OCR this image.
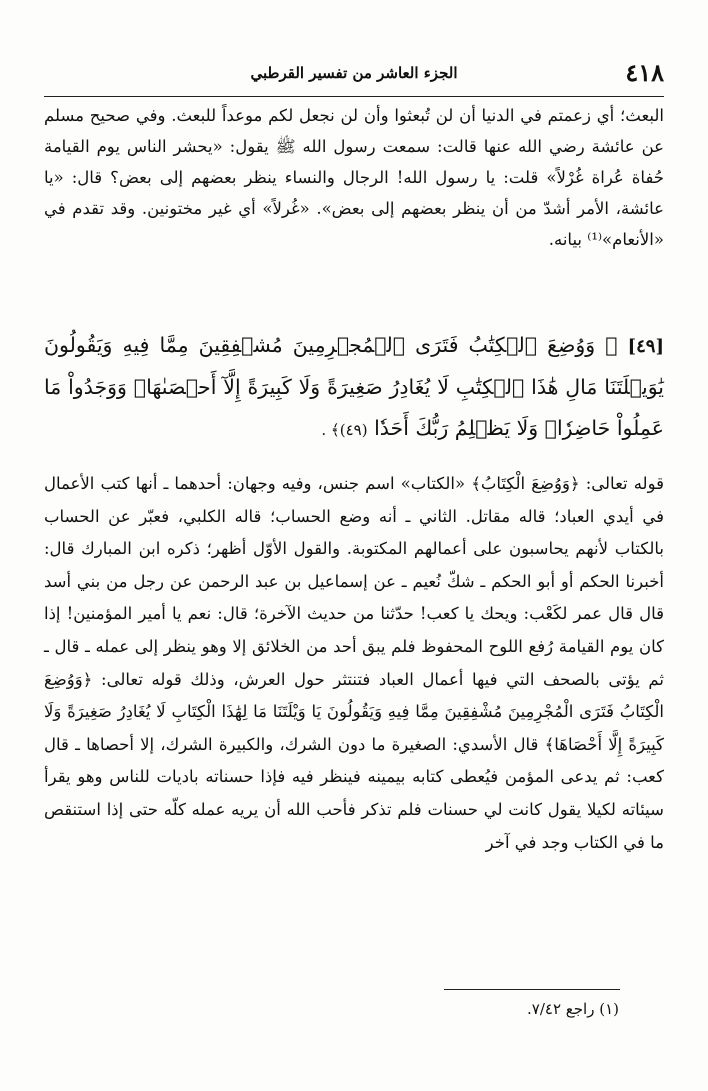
٤١٨
الجزء العاشر من تفسير القرطبي

البعث؛ أي زعمتم في الدنيا أن لن تُبعثوا وأن لن نجعل لكم موعداً للبعث. وفي صحيح مسلم عن عائشة رضي الله عنها قالت: سمعت رسول الله ﷺ يقول: «يحشر الناس يوم القيامة حُفاة عُراة غُرْلاً» قلت: يا رسول الله! الرجال والنساء ينظر بعضهم إلى بعض؟ قال: «يا عائشة، الأمر أشدّ من أن ينظر بعضهم إلى بعض». «غُرلاً» أي غير مختونين. وقد تقدم في «الأنعام»⁽¹⁾ بيانه.

[٤٩] ﴿ وَوُضِعَ ٱلۡكِتَٰبُ فَتَرَى ٱلۡمُجۡرِمِينَ مُشۡفِقِينَ مِمَّا فِيهِ وَيَقُولُونَ يَٰوَيۡلَتَنَا مَالِ هَٰذَا ٱلۡكِتَٰبِ لَا يُغَادِرُ صَغِيرَةً وَلَا كَبِيرَةً إِلَّآ أَحۡصَىٰهَاۚ وَوَجَدُواْ مَا عَمِلُواْ حَاضِرٗاۗ وَلَا يَظۡلِمُ رَبُّكَ أَحَدٗا (٤٩)﴾ .

قوله تعالى: ﴿وَوُضِعَ الْكِتَابُ﴾ «الكتاب» اسم جنس، وفيه وجهان: أحدهما ـ أنها كتب الأعمال في أيدي العباد؛ قاله مقاتل. الثاني ـ أنه وضع الحساب؛ قاله الكلبي، فعبّر عن الحساب بالكتاب لأنهم يحاسبون على أعمالهم المكتوبة. والقول الأوّل أظهر؛ ذكره ابن المبارك قال: أخبرنا الحكم أو أبو الحكم ـ شكّ نُعيم ـ عن إسماعيل بن عبد الرحمن عن رجل من بني أسد قال قال عمر لكَعْب: ويحك يا كعب! حدّثنا من حديث الآخرة؛ قال: نعم يا أمير المؤمنين! إذا كان يوم القيامة رُفع اللوح المحفوظ فلم يبق أحد من الخلائق إلا وهو ينظر إلى عمله ـ قال ـ ثم يؤتى بالصحف التي فيها أعمال العباد فتنتثر حول العرش، وذلك قوله تعالى: ﴿وَوُضِعَ الْكِتَابُ فَتَرَى الْمُجْرِمِينَ مُشْفِقِينَ مِمَّا فِيهِ وَيَقُولُونَ يَا وَيْلَتَنَا مَا لِهَٰذَا الْكِتَابِ لَا يُغَادِرُ صَغِيرَةً وَلَا كَبِيرَةً إِلَّا أَحْصَاهَا﴾ قال الأسدي: الصغيرة ما دون الشرك، والكبيرة الشرك، إلا أحصاها ـ قال كعب: ثم يدعى المؤمن فيُعطى كتابه بيمينه فينظر فيه فإذا حسناته باديات للناس وهو يقرأ سيئاته لكيلا يقول كانت لي حسنات فلم تذكر فأحب الله أن يريه عمله كلّه حتى إذا استنقص ما في الكتاب وجد في آخر

(١) راجع ٧/٤٢.
